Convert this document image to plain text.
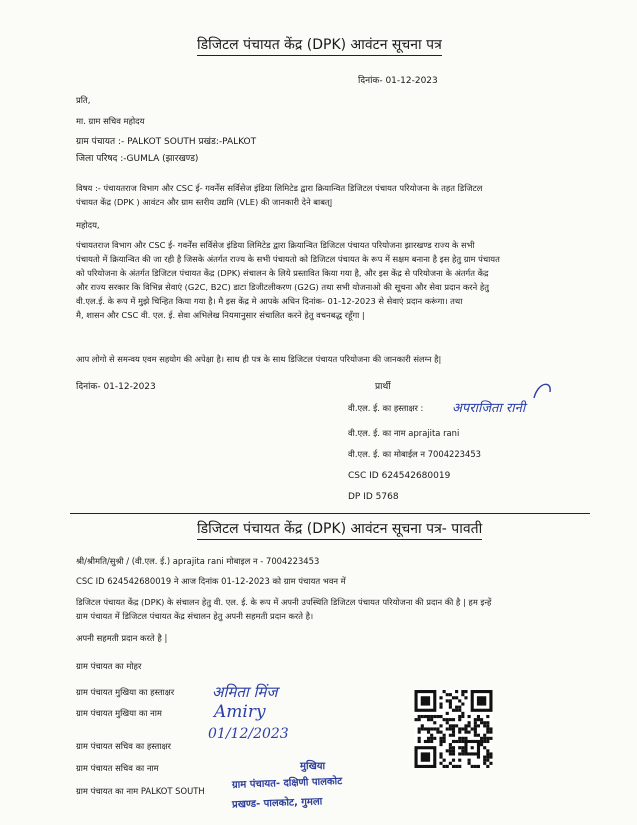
डिजिटल पंचायत केंद्र (DPK) आवंटन सूचना पत्र
दिनांक- 01-12-2023
प्रति,
मा. ग्राम सचिव महोदय
ग्राम पंचायत :- PALKOT SOUTH प्रखंड:-PALKOT
जिला परिषद :-GUMLA (झारखण्ड)

विषय :- पंचायतराज विभाग और CSC ई- गवर्नेंस सर्विसेज इंडिया लिमिटेड द्वारा क्रियान्वित डिजिटल पंचायत परियोजना के तहत डिजिटल

पंचायत केंद्र (DPK ) आवंटन और ग्राम स्तरीय उद्यमि (VLE) की जानकारी देने बाबत्|

महोदय,

पंचायतराज विभाग और CSC ई- गवर्नेंस सर्विसेज इंडिया लिमिटेड द्वारा क्रियान्वित डिजिटल पंचायत परियोजना झारखण्ड राज्य के सभी

पंचायतो में क्रियान्वित की जा रही है जिसके अंतर्गत राज्य के सभी पंचायतो को डिजिटल पंचायत के रूप में सक्षम बनाना है इस हेतु ग्राम पंचायत

को परियोजना के अंतर्गत डिजिटल पंचायत केंद्र (DPK) संचालन के लिये प्रस्तावित किया गया है, और इस केंद्र से परियोजना के अंतर्गत केंद्र

और राज्य सरकार कि विभिन्न सेवाएं (G2C, B2C) डाटा डिजीटलीकरण (G2G) तथा सभी योजनाओ की सूचना और सेवा प्रदान करने हेतु

वी.एल.ई. के रूप में मुझे चिन्हित किया गया है। मै इस केंद्र मे आपके अधिन दिनांक- 01-12-2023 से सेवाएं प्रदान करूंगा। तथा

मै, शासन और CSC वी. एल. ई. सेवा अभिलेख नियमानुसार संचालित करने हेतु वचनबद्ध रहूँगा |

आप लोगो से समन्वय एवम सहयोग की अपेक्षा है। साथ ही पत्र के साथ डिजिटल पंचायत परियोजना की जानकारी संलग्न है|

दिनांक- 01-12-2023	प्रार्थी
वी.एल. ई. का हस्ताक्षर : अपराजिता रानी
वी.एल. ई. का नाम aprajita rani
वी.एल. ई. का मोबाईल न 7004223453
CSC ID 624542680019
DP ID 5768
डिजिटल पंचायत केंद्र (DPK) आवंटन सूचना पत्र- पावती
श्री/श्रीमति/सुश्री / (वी.एल. ई.) aprajita rani मोबाइल न - 7004223453
CSC ID 624542680019 ने आज दिनांक 01-12-2023 को ग्राम पंचायत भवन में

डिजिटल पंचायत केंद्र (DPK) के संचालन हेतु वी. एल. ई. के रूप में अपनी उपस्थिति डिजिटल पंचायत परियोजना की प्रदान की है | हम इन्हें

ग्राम पंचायत में डिजिटल पंचायत केंद्र संचालन हेतु अपनी सहमती प्रदान करते है।

अपनी सहमती प्रदान करते है |
ग्राम पंचायत का मोहर
ग्राम पंचायत मुखिया का हस्ताक्षर
ग्राम पंचायत मुखिया का नाम
ग्राम पंचायत सचिव का हस्ताक्षर
ग्राम पंचायत सचिव का नाम
ग्राम पंचायत का नाम PALKOT SOUTH
अमिता मिंज
Amiry
01/12/2023
मुखिया
ग्राम पंचायत- दक्षिणी पालकोट
प्रखण्ड- पालकोट, गुमला
